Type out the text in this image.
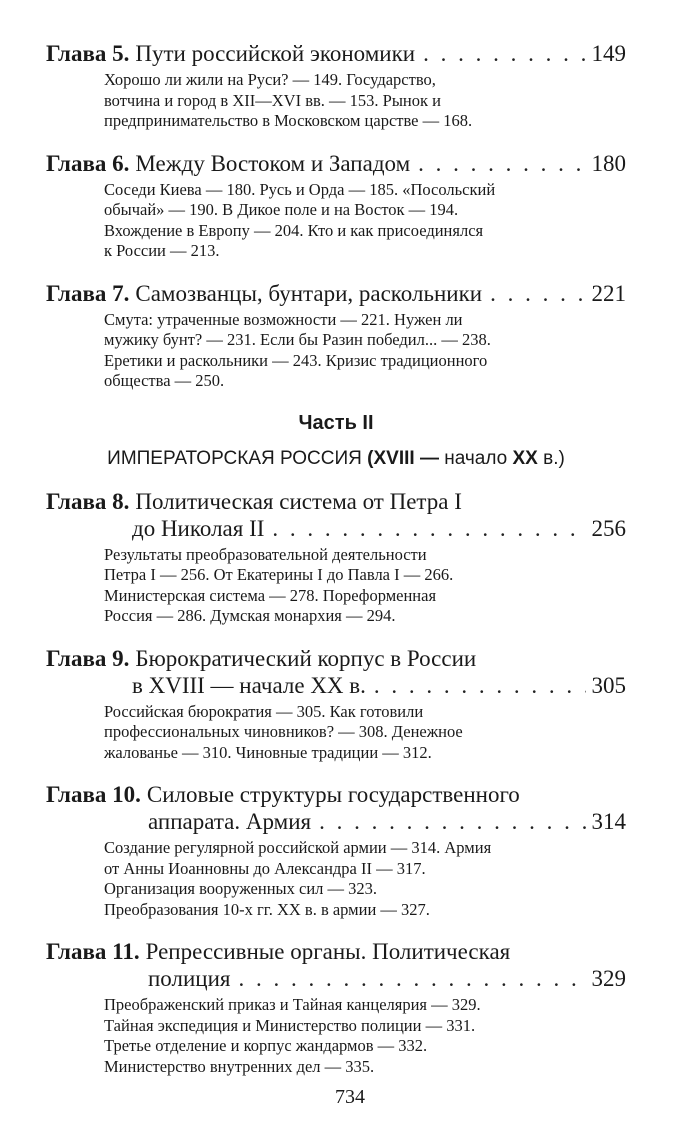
Глава 5. Пути российской экономики . . .	149
Хорошо ли жили на Руси? — 149. Государство,
вотчина и город в XII—XVI вв. — 153. Рынок и
предпринимательство в Московском царстве — 168.
Глава 6. Между Востоком и Западом . . .	180
Соседи Киева — 180. Русь и Орда — 185. «Посольский
обычай» — 190. В Дикое поле и на Восток — 194.
Вхождение в Европу — 204. Кто и как присоединялся
к России — 213.
Глава 7. Самозванцы, бунтари, раскольники . . .	221
Смута: утраченные возможности — 221. Нужен ли
мужику бунт? — 231. Если бы Разин победил... — 238.
Еретики и раскольники — 243. Кризис традиционного
общества — 250.
Часть II
ИМПЕРАТОРСКАЯ РОССИЯ (XVIII — начало XX в.)
Глава 8. Политическая система от Петра I
до Николая II . . .	256
Результаты преобразовательной деятельности
Петра I — 256. От Екатерины I до Павла I — 266.
Министерская система — 278. Пореформенная
Россия — 286. Думская монархия — 294.
Глава 9. Бюрократический корпус в России
в XVIII — начале XX в. . . .	305
Российская бюрократия — 305. Как готовили
профессиональных чиновников? — 308. Денежное
жалованье — 310. Чиновные традиции — 312.
Глава 10. Силовые структуры государственного
аппарата. Армия . . .	314
Создание регулярной российской армии — 314. Армия
от Анны Иоанновны до Александра II — 317.
Организация вооруженных сил — 323.
Преобразования 10-х гг. XX в. в армии — 327.
Глава 11. Репрессивные органы. Политическая
полиция . . .	329
Преображенский приказ и Тайная канцелярия — 329.
Тайная экспедиция и Министерство полиции — 331.
Третье отделение и корпус жандармов — 332.
Министерство внутренних дел — 335.
734
